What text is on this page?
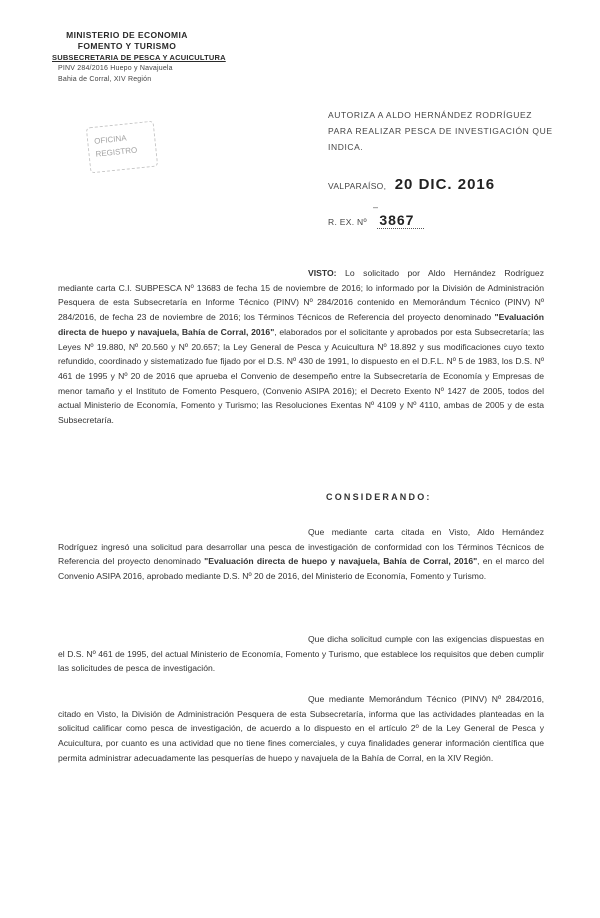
MINISTERIO DE ECONOMIA
FOMENTO Y TURISMO
SUBSECRETARIA DE PESCA Y ACUICULTURA
PINV 284/2016 Huepo y Navajuela
Bahia de Corral, XIV Región
OFICINA
REGISTRO
AUTORIZA A ALDO HERNÁNDEZ RODRÍGUEZ PARA REALIZAR PESCA DE INVESTIGACIÓN QUE INDICA.
VALPARAÍSO, 20 DIC. 2016
–
R. EX. Nº 3867
VISTO: Lo solicitado por Aldo Hernández Rodríguez mediante carta C.I. SUBPESCA Nº 13683 de fecha 15 de noviembre de 2016; lo informado por la División de Administración Pesquera de esta Subsecretaría en Informe Técnico (PINV) Nº 284/2016 contenido en Memorándum Técnico (PINV) Nº 284/2016, de fecha 23 de noviembre de 2016; los Términos Técnicos de Referencia del proyecto denominado "Evaluación directa de huepo y navajuela, Bahía de Corral, 2016", elaborados por el solicitante y aprobados por esta Subsecretaría; las Leyes Nº 19.880, Nº 20.560 y Nº 20.657; la Ley General de Pesca y Acuicultura Nº 18.892 y sus modificaciones cuyo texto refundido, coordinado y sistematizado fue fijado por el D.S. Nº 430 de 1991, lo dispuesto en el D.F.L. Nº 5 de 1983, los D.S. Nº 461 de 1995 y Nº 20 de 2016 que aprueba el Convenio de desempeño entre la Subsecretaría de Economía y Empresas de menor tamaño y el Instituto de Fomento Pesquero, (Convenio ASIPA 2016); el Decreto Exento Nº 1427 de 2005, todos del actual Ministerio de Economía, Fomento y Turismo; las Resoluciones Exentas Nº 4109 y Nº 4110, ambas de 2005 y de esta Subsecretaría.
CONSIDERANDO:
Que mediante carta citada en Visto, Aldo Hernández Rodríguez ingresó una solicitud para desarrollar una pesca de investigación de conformidad con los Términos Técnicos de Referencia del proyecto denominado "Evaluación directa de huepo y navajuela, Bahía de Corral, 2016", en el marco del Convenio ASIPA 2016, aprobado mediante D.S. Nº 20 de 2016, del Ministerio de Economía, Fomento y Turismo.
Que dicha solicitud cumple con las exigencias dispuestas en el D.S. Nº 461 de 1995, del actual Ministerio de Economía, Fomento y Turismo, que establece los requisitos que deben cumplir las solicitudes de pesca de investigación.
Que mediante Memorándum Técnico (PINV) Nº 284/2016, citado en Visto, la División de Administración Pesquera de esta Subsecretaría, informa que las actividades planteadas en la solicitud calificar como pesca de investigación, de acuerdo a lo dispuesto en el artículo 2º de la Ley General de Pesca y Acuicultura, por cuanto es una actividad que no tiene fines comerciales, y cuya finalidades generar información científica que permita administrar adecuadamente las pesquerías de huepo y navajuela de la Bahía de Corral, en la XIV Región.
